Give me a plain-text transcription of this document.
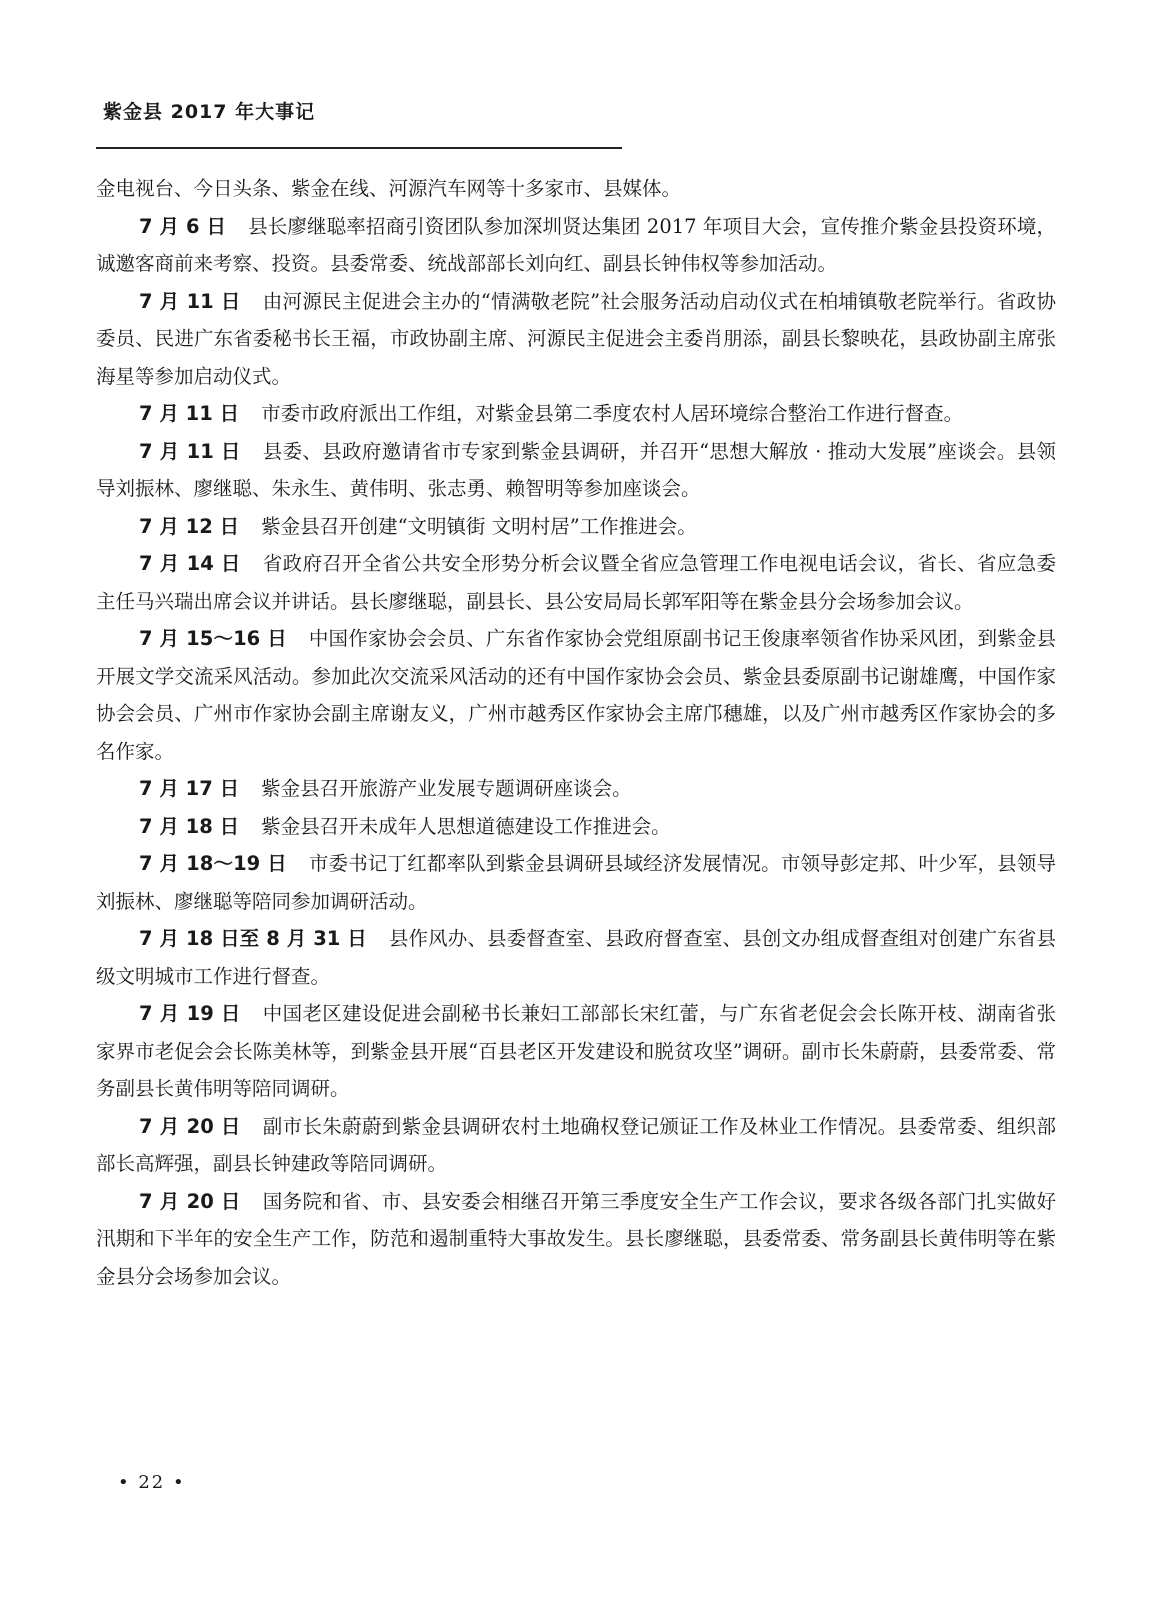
紫金县 2017 年大事记

金电视台、今日头条、紫金在线、河源汽车网等十多家市、县媒体。

7 月 6 日 县长廖继聪率招商引资团队参加深圳贤达集团 2017 年项目大会，宣传推介紫金县投资环境，诚邀客商前来考察、投资。县委常委、统战部部长刘向红、副县长钟伟权等参加活动。

7 月 11 日 由河源民主促进会主办的“情满敬老院”社会服务活动启动仪式在柏埔镇敬老院举行。省政协委员、民进广东省委秘书长王福，市政协副主席、河源民主促进会主委肖朋添，副县长黎映花，县政协副主席张海星等参加启动仪式。

7 月 11 日 市委市政府派出工作组，对紫金县第二季度农村人居环境综合整治工作进行督查。

7 月 11 日 县委、县政府邀请省市专家到紫金县调研，并召开“思想大解放 · 推动大发展”座谈会。县领导刘振林、廖继聪、朱永生、黄伟明、张志勇、赖智明等参加座谈会。

7 月 12 日 紫金县召开创建“文明镇街 文明村居”工作推进会。

7 月 14 日 省政府召开全省公共安全形势分析会议暨全省应急管理工作电视电话会议，省长、省应急委主任马兴瑞出席会议并讲话。县长廖继聪，副县长、县公安局局长郭军阳等在紫金县分会场参加会议。

7 月 15～16 日 中国作家协会会员、广东省作家协会党组原副书记王俊康率领省作协采风团，到紫金县开展文学交流采风活动。参加此次交流采风活动的还有中国作家协会会员、紫金县委原副书记谢雄鹰，中国作家协会会员、广州市作家协会副主席谢友义，广州市越秀区作家协会主席邝穗雄，以及广州市越秀区作家协会的多名作家。

7 月 17 日 紫金县召开旅游产业发展专题调研座谈会。

7 月 18 日 紫金县召开未成年人思想道德建设工作推进会。

7 月 18～19 日 市委书记丁红都率队到紫金县调研县域经济发展情况。市领导彭定邦、叶少军，县领导刘振林、廖继聪等陪同参加调研活动。

7 月 18 日至 8 月 31 日 县作风办、县委督查室、县政府督查室、县创文办组成督查组对创建广东省县级文明城市工作进行督查。

7 月 19 日 中国老区建设促进会副秘书长兼妇工部部长宋红蕾，与广东省老促会会长陈开枝、湖南省张家界市老促会会长陈美林等，到紫金县开展“百县老区开发建设和脱贫攻坚”调研。副市长朱蔚蔚，县委常委、常务副县长黄伟明等陪同调研。

7 月 20 日 副市长朱蔚蔚到紫金县调研农村土地确权登记颁证工作及林业工作情况。县委常委、组织部部长高辉强，副县长钟建政等陪同调研。

7 月 20 日 国务院和省、市、县安委会相继召开第三季度安全生产工作会议，要求各级各部门扎实做好汛期和下半年的安全生产工作，防范和遏制重特大事故发生。县长廖继聪，县委常委、常务副县长黄伟明等在紫金县分会场参加会议。

• 22 •
